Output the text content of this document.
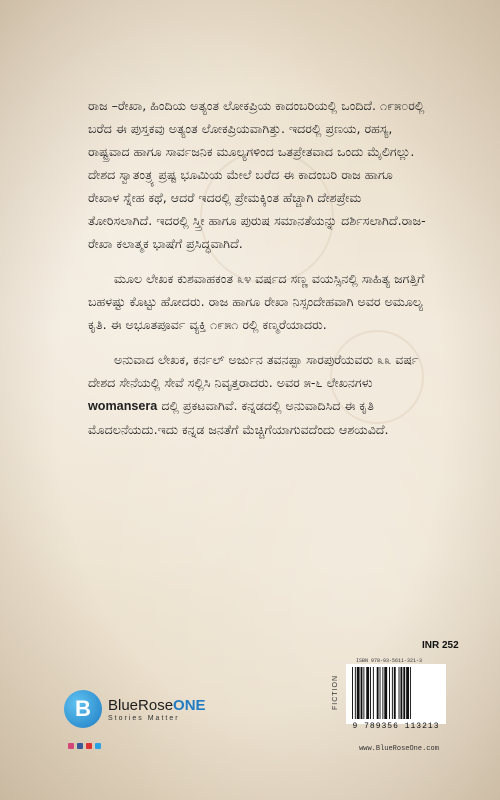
ರಾಜ –ರೇಖಾ, ಹಿಂದಿಯ ಅತ್ಯಂತ ಲೋಕಪ್ರಿಯ ಕಾದಂಬರಿಯಲ್ಲಿ ಒಂದಿದೆ. ೧೯೫೦ರಲ್ಲಿ ಬರೆದ ಈ ಪುಸ್ತಕವು ಅತ್ಯಂತ ಲೋಕಪ್ರಿಯವಾಗಿತ್ತು. ಇದರಲ್ಲಿ ಪ್ರಣಯ, ರಹಸ್ಯ, ರಾಷ್ಟ್ರವಾದ ಹಾಗೂ ಸಾರ್ವಜನಿಕ ಮೂಲ್ಯಗಳಿಂದ ಒತಪ್ರೇತವಾದ ಒಂದು ಮೈಲಿಗಲ್ಲು. ದೇಶದ ಸ್ವಾತಂತ್ರ್ಯ ಪ್ರಷ್ಟ ಭೂಮಿಯ ಮೇಲೆ ಬರೆದ ಈ ಕಾದಂಬರಿ ರಾಜ ಹಾಗೂ ರೇಖಾಳ ಸ್ನೇಹ ಕಥೆ, ಆದರೆ ಇದರಲ್ಲಿ ಪ್ರೇಮಕ್ಕಿಂತ ಹೆಚ್ಚಾಗಿ ದೇಶಪ್ರೇಮ ತೋರಿಸಲಾಗಿದೆ. ಇದರಲ್ಲಿ ಸ್ತ್ರೀ ಹಾಗೂ ಪುರುಷ ಸಮಾನತೆಯನ್ನು ದರ್ಶಿಸಲಾಗಿದೆ.ರಾಜ-ರೇಖಾ ಕಲಾತ್ಮಕ ಭಾಷೆಗೆ ಪ್ರಸಿದ್ಧವಾಗಿದೆ.

ಮೂಲ ಲೇಖಕ ಕುಶವಾಹಕಂತ ೩೪ ವರ್ಷದ ಸಣ್ಣ ವಯಸ್ಸಿನಲ್ಲಿ ಸಾಹಿತ್ಯ ಜಗತ್ತಿಗೆ ಬಹಳಷ್ಟು ಕೊಟ್ಟು ಹೋದರು. ರಾಜ ಹಾಗೂ ರೇಖಾ ನಿಸ್ಸಂದೇಹವಾಗಿ ಅವರ ಅಮೂಲ್ಯ ಕೃತಿ. ಈ ಅಭೂತಪೂರ್ವ ವ್ಯಕ್ತಿ ೧೯೫೧ ರಲ್ಲಿ ಕಣ್ಮರೆಯಾದರು.

ಅನುವಾದ ಲೇಖಕ, ಕರ್ನಲ್ ಅರ್ಜುನ ತವನಪ್ಪಾ ಸಾರಪುರೆಯವರು ೩೩ ವರ್ಷ ದೇಶದ ಸೇನೆಯಲ್ಲಿ ಸೇವೆ ಸಲ್ಲಿಸಿ ನಿವೃತ್ತರಾದರು. ಅವರ ೫-೬ ಲೇಖನಗಳು womansera ದಲ್ಲಿ ಪ್ರಕಟವಾಗಿವೆ. ಕನ್ನಡದಲ್ಲಿ ಅನುವಾದಿಸಿದ ಈ ಕೃತಿ ಮೊದಲನೆಯದು.ಇದು ಕನ್ನಡ ಜನತೆಗೆ ಮೆಚ್ಚಿಗೆಯಾಗುವದೆಂದು ಆಶಯವಿದೆ.

B	BlueRoseONE
Stories Matter
INR 252
FICTION
ISBN 978-93-5611-321-3
9 789356 113213
www.BlueRoseOne.com
